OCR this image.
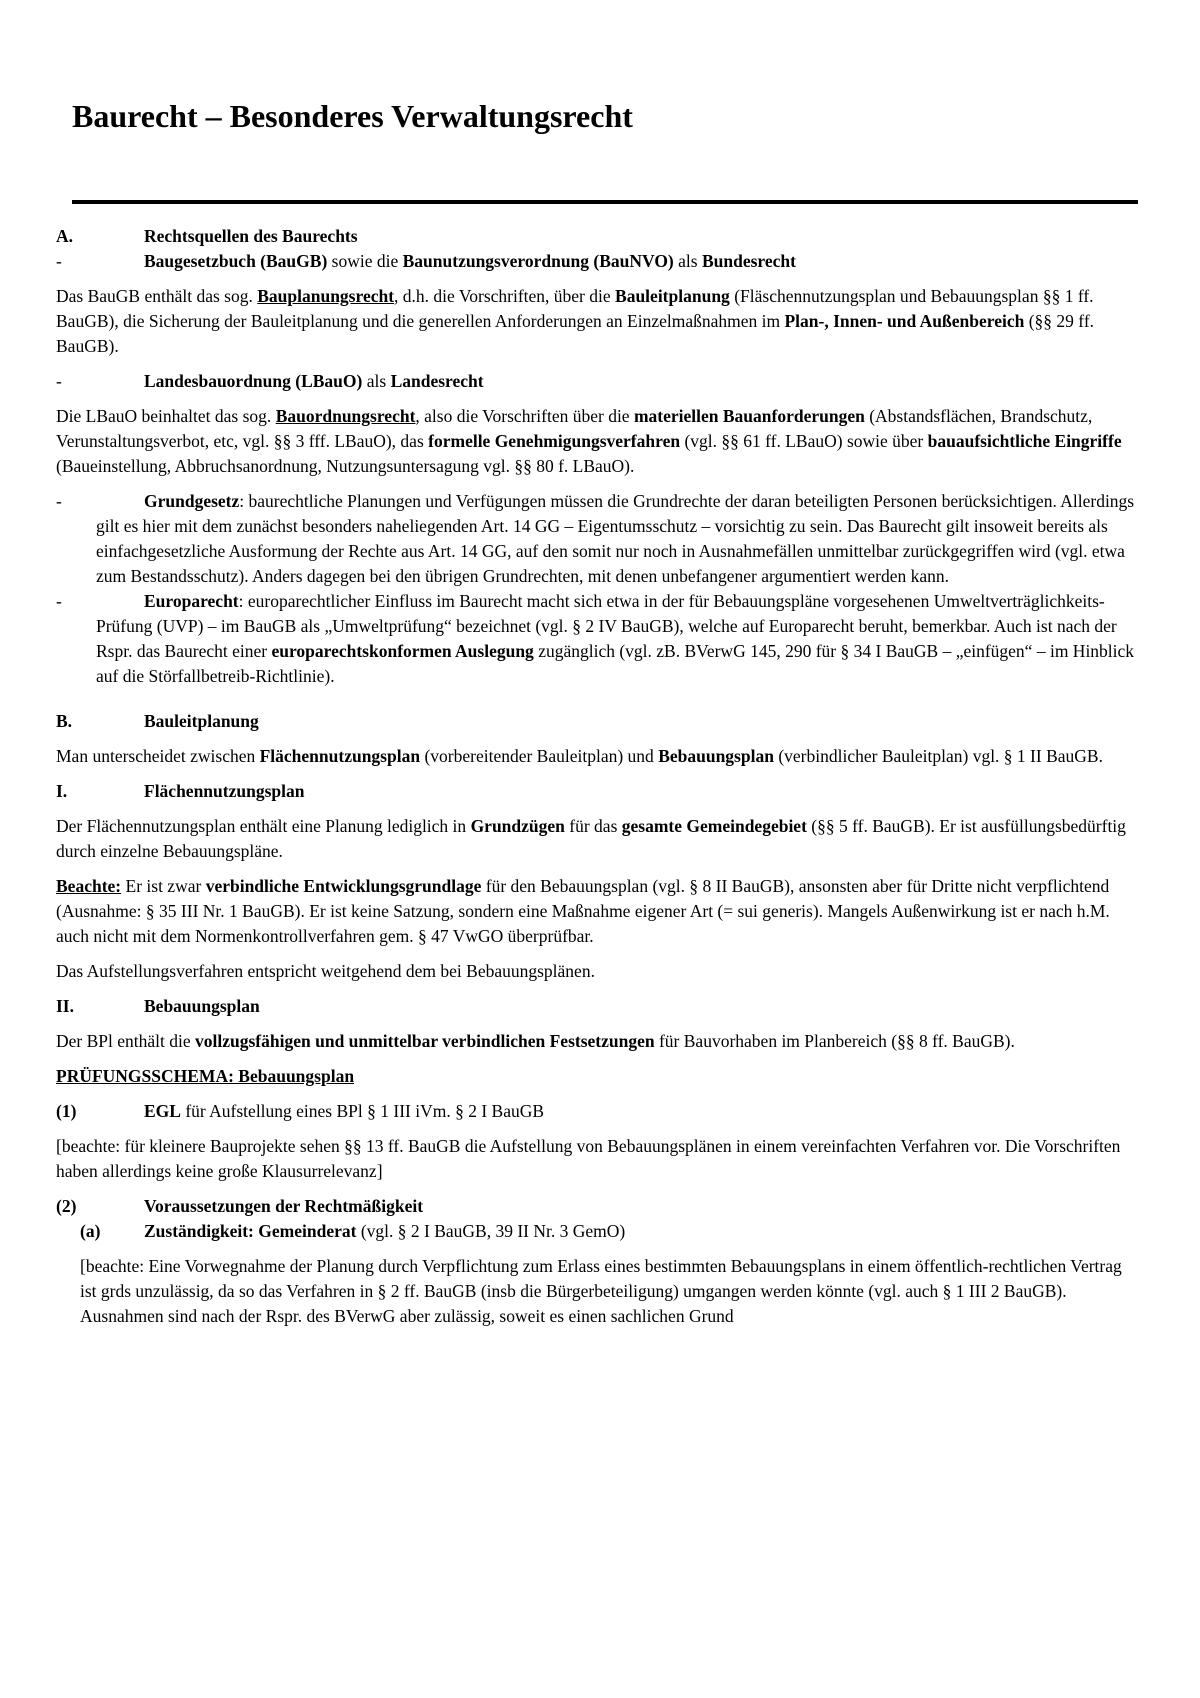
Baurecht – Besonderes Verwaltungsrecht
A.	Rechtsquellen des Baurechts
-	Baugesetzbuch (BauGB) sowie die Baunutzungsverordnung (BauNVO) als Bundesrecht

Das BauGB enthält das sog. Bauplanungsrecht, d.h. die Vorschriften, über die Bauleitplanung (Fläschennutzungsplan und Bebauungsplan §§ 1 ff. BauGB), die Sicherung der Bauleitplanung und die generellen Anforderungen an Einzelmaßnahmen im Plan-, Innen- und Außenbereich (§§ 29 ff. BauGB).

-	Landesbauordnung (LBauO) als Landesrecht

Die LBauO beinhaltet das sog. Bauordnungsrecht, also die Vorschriften über die materiellen Bauanforderungen (Abstandsflächen, Brandschutz, Verunstaltungsverbot, etc, vgl. §§ 3 fff. LBauO), das formelle Genehmigungsverfahren (vgl. §§ 61 ff. LBauO) sowie über bauaufsichtliche Eingriffe (Baueinstellung, Abbruchsanordnung, Nutzungsuntersagung vgl. §§ 80 f. LBauO).

-	Grundgesetz: baurechtliche Planungen und Verfügungen müssen die Grundrechte der daran beteiligten Personen berücksichtigen. Allerdings gilt es hier mit dem zunächst besonders naheliegenden Art. 14 GG – Eigentumsschutz – vorsichtig zu sein. Das Baurecht gilt insoweit bereits als einfachgesetzliche Ausformung der Rechte aus Art. 14 GG, auf den somit nur noch in Ausnahmefällen unmittelbar zurückgegriffen wird (vgl. etwa zum Bestandsschutz). Anders dagegen bei den übrigen Grundrechten, mit denen unbefangener argumentiert werden kann.

-	Europarecht: europarechtlicher Einfluss im Baurecht macht sich etwa in der für Bebauungspläne vorgesehenen Umweltverträglichkeits-Prüfung (UVP) – im BauGB als „Umweltprüfung“ bezeichnet (vgl. § 2 IV BauGB), welche auf Europarecht beruht, bemerkbar. Auch ist nach der Rspr. das Baurecht einer europarechtskonformen Auslegung zugänglich (vgl. zB. BVerwG 145, 290 für § 34 I BauGB – „einfügen“ – im Hinblick auf die Störfallbetreib-Richtlinie).

B.	Bauleitplanung

Man unterscheidet zwischen Flächennutzungsplan (vorbereitender Bauleitplan) und Bebauungsplan (verbindlicher Bauleitplan) vgl. § 1 II BauGB.

I.	Flächennutzungsplan

Der Flächennutzungsplan enthält eine Planung lediglich in Grundzügen für das gesamte Gemeindegebiet (§§ 5 ff. BauGB). Er ist ausfüllungsbedürftig durch einzelne Bebauungspläne.

Beachte: Er ist zwar verbindliche Entwicklungsgrundlage für den Bebauungsplan (vgl. § 8 II BauGB), ansonsten aber für Dritte nicht verpflichtend (Ausnahme: § 35 III Nr. 1 BauGB). Er ist keine Satzung, sondern eine Maßnahme eigener Art (= sui generis). Mangels Außenwirkung ist er nach h.M. auch nicht mit dem Normenkontrollverfahren gem. § 47 VwGO überprüfbar.

Das Aufstellungsverfahren entspricht weitgehend dem bei Bebauungsplänen.

II.	Bebauungsplan

Der BPl enthält die vollzugsfähigen und unmittelbar verbindlichen Festsetzungen für Bauvorhaben im Planbereich (§§ 8 ff. BauGB).

PRÜFUNGSSCHEMA: Bebauungsplan

(1)	EGL für Aufstellung eines BPl § 1 III iVm. § 2 I BauGB

[beachte: für kleinere Bauprojekte sehen §§ 13 ff. BauGB die Aufstellung von Bebauungsplänen in einem vereinfachten Verfahren vor. Die Vorschriften haben allerdings keine große Klausurrelevanz]

(2)	Voraussetzungen der Rechtmäßigkeit
(a) Zuständigkeit: Gemeinderat (vgl. § 2 I BauGB, 39 II Nr. 3 GemO)

[beachte: Eine Vorwegnahme der Planung durch Verpflichtung zum Erlass eines bestimmten Bebauungsplans in einem öffentlich-rechtlichen Vertrag ist grds unzulässig, da so das Verfahren in § 2 ff. BauGB (insb die Bürgerbeteiligung) umgangen werden könnte (vgl. auch § 1 III 2 BauGB). Ausnahmen sind nach der Rspr. des BVerwG aber zulässig, soweit es einen sachlichen Grund
